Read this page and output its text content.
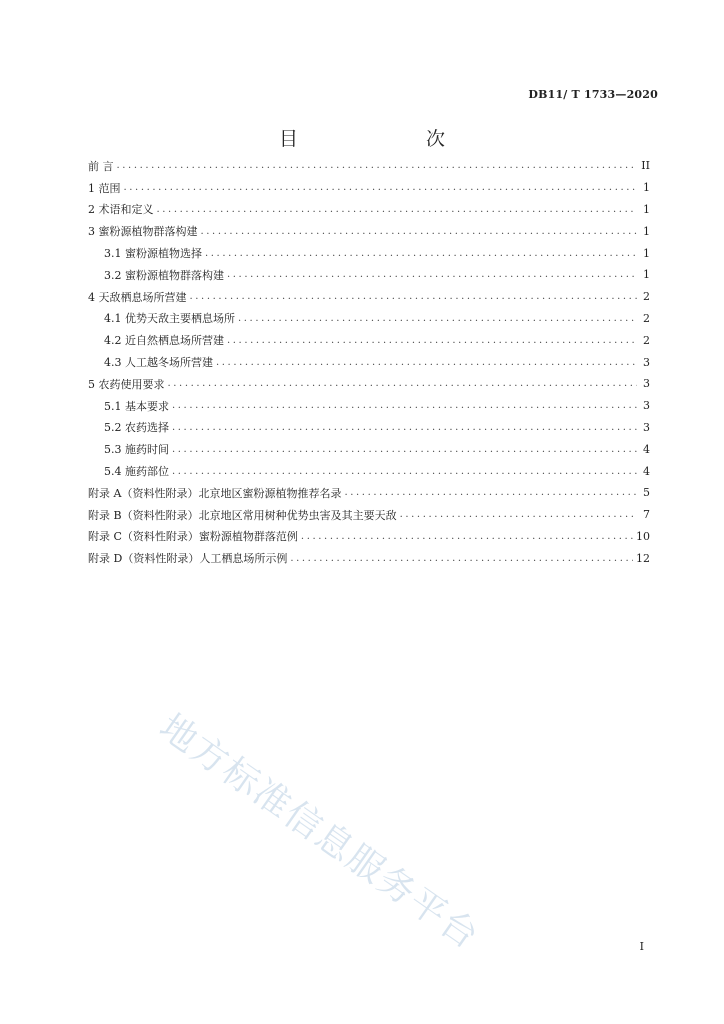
DB11/ T 1733—2020
目　　次
前 言 .....	II
1 范围 .....	1
2 术语和定义 .....	1
3 蜜粉源植物群落构建 .....	1
3.1 蜜粉源植物选择 .....	1
3.2 蜜粉源植物群落构建 .....	1
4 天敌栖息场所营建 .....	2
4.1 优势天敌主要栖息场所 .....	2
4.2 近自然栖息场所营建 .....	2
4.3 人工越冬场所营建 .....	3
5 农药使用要求 .....	3
5.1 基本要求 .....	3
5.2 农药选择 .....	3
5.3 施药时间 .....	4
5.4 施药部位 .....	4
附录 A（资料性附录）北京地区蜜粉源植物推荐名录 .....	5
附录 B（资料性附录）北京地区常用树种优势虫害及其主要天敌 .....	7
附录 C（资料性附录）蜜粉源植物群落范例 .....	10
附录 D（资料性附录）人工栖息场所示例 .....	12
地方标准信息服务平台	I
